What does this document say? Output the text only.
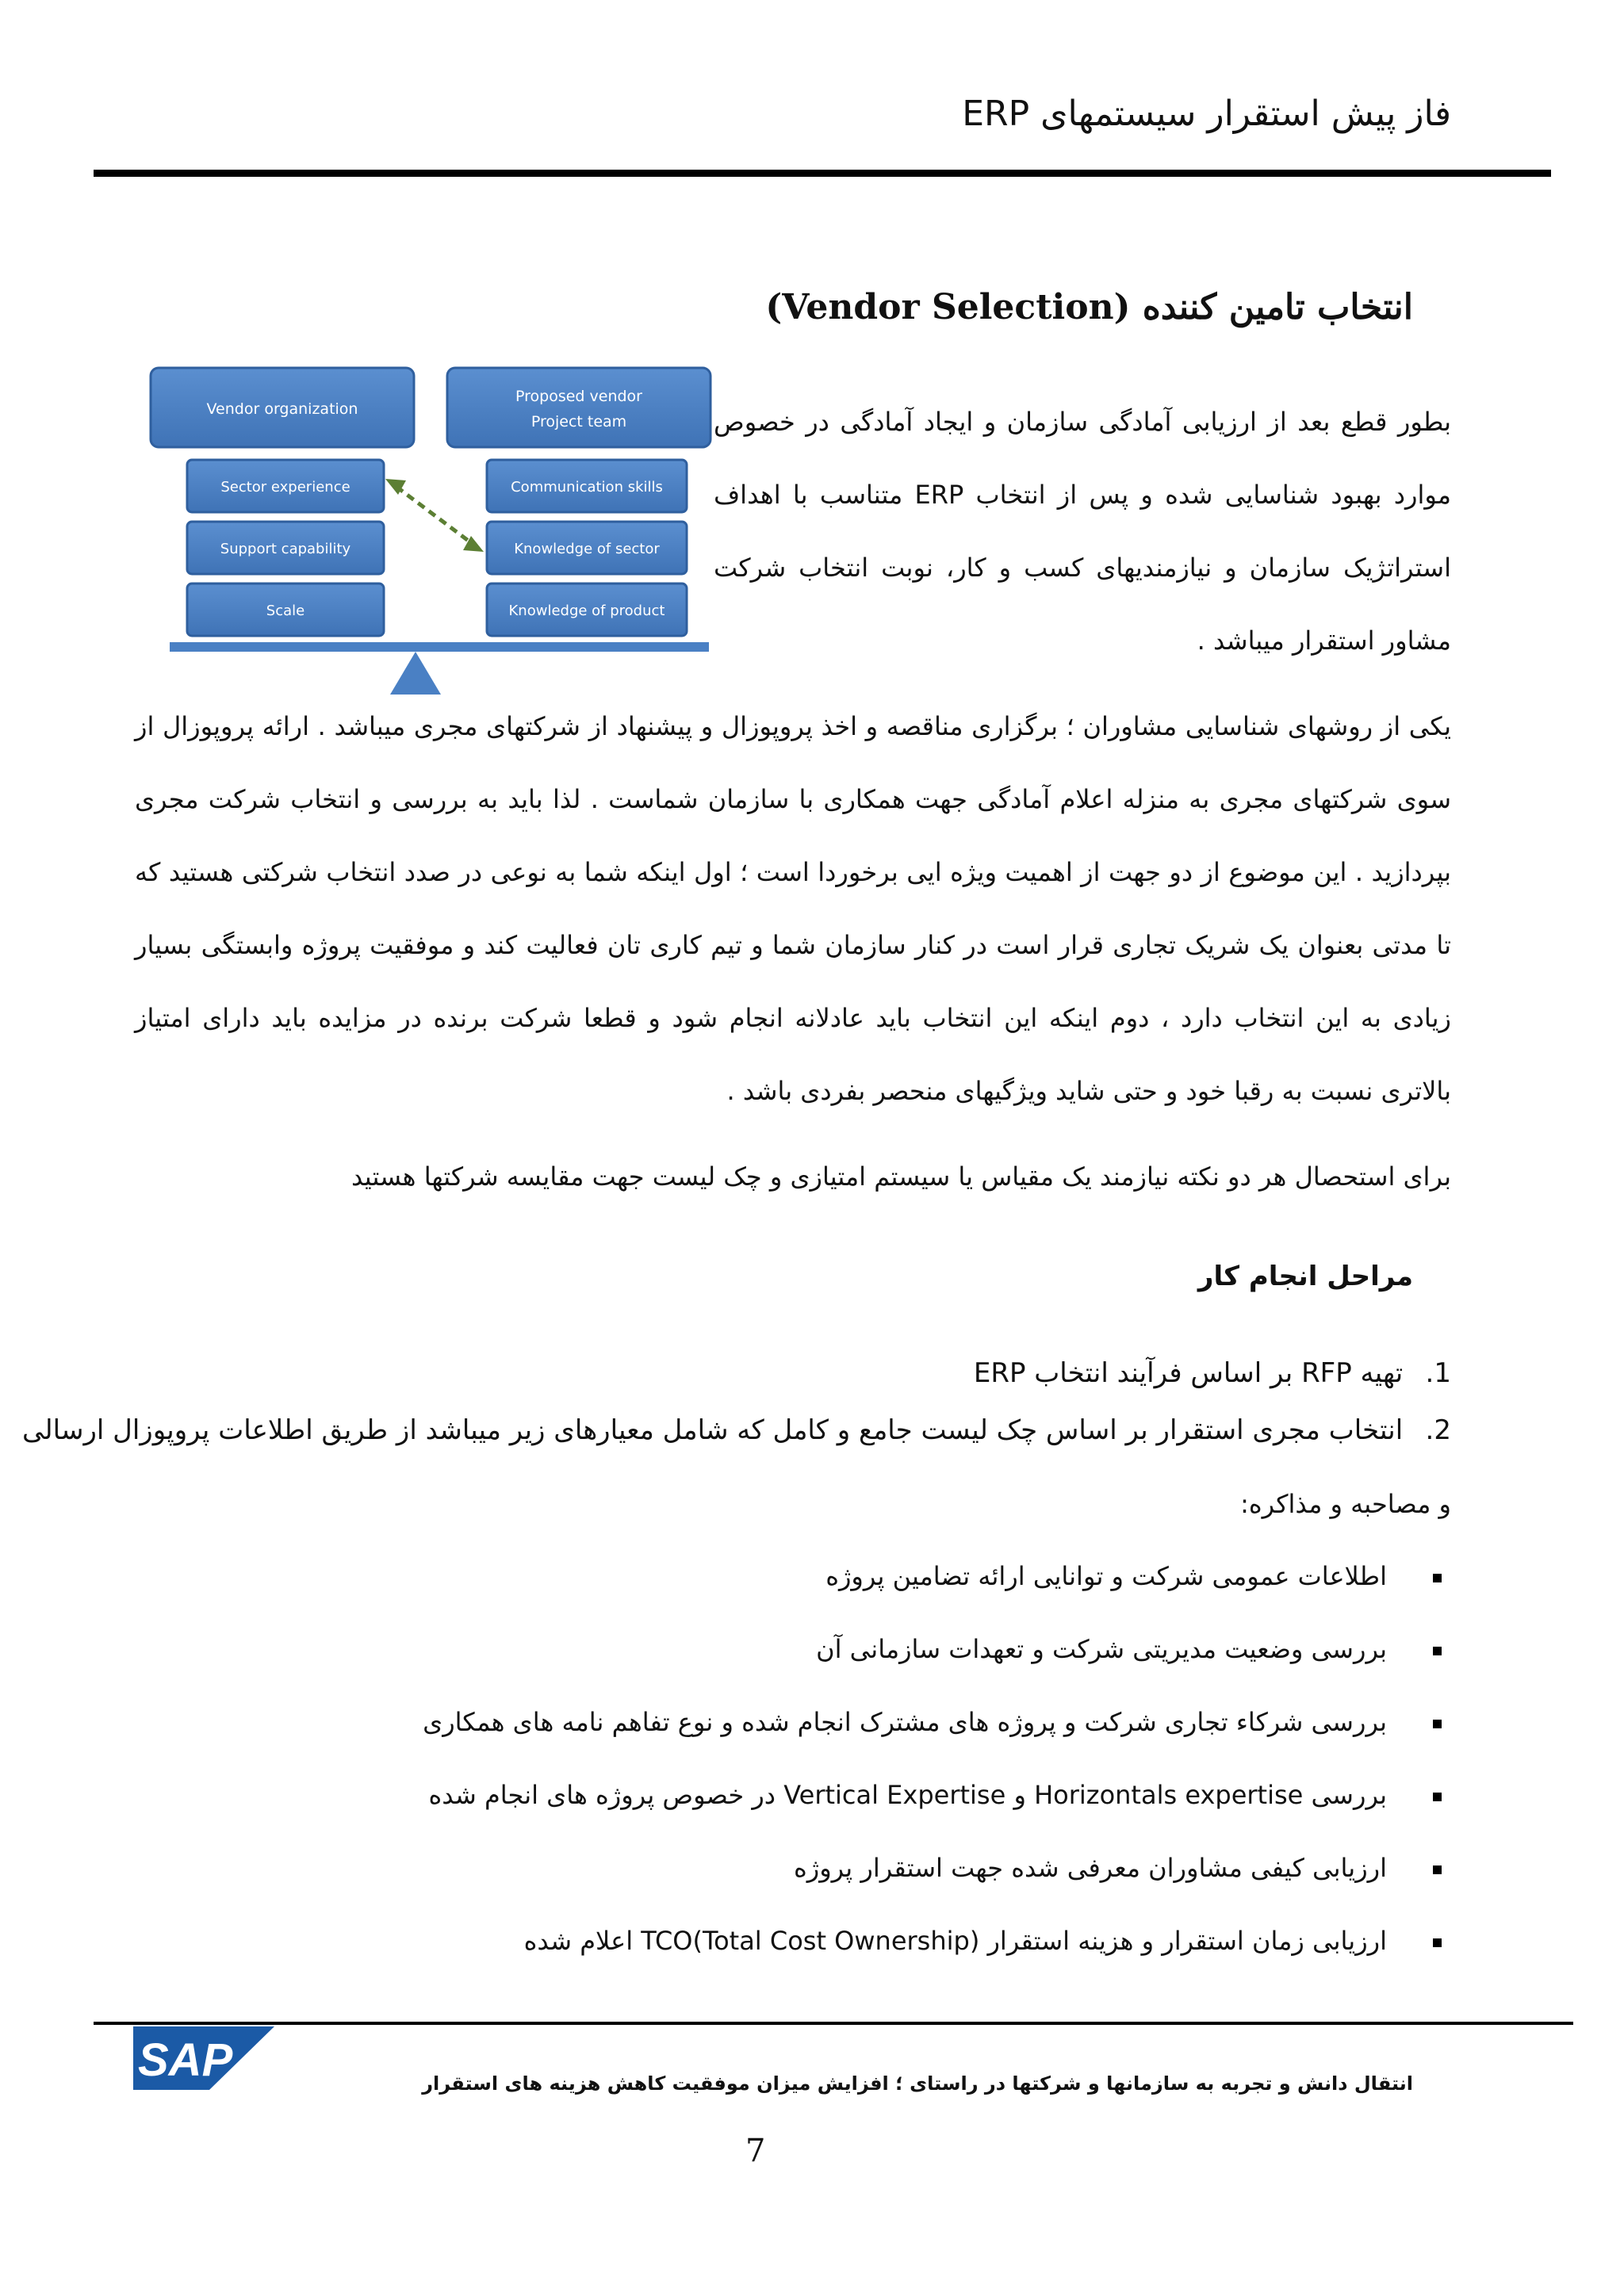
فاز پیش استقرار سیستمهای ERP
انتخاب تامین کننده (Vendor Selection)
Vendor organization
Proposed vendor
Project team
Sector experience
Support capability
Scale
Communication skills
Knowledge of sector
Knowledge of product

بطور قطع بعد از ارزیابی آمادگی سازمان و ایجاد آمادگی در خصوص موارد بهبود شناسایی شده و پس از انتخاب ERP متناسب با اهداف استراتژیک سازمان و نیازمندیهای کسب و کار، نوبت انتخاب شرکت مشاور استقرار میباشد .

یکی از روشهای شناسایی مشاوران ؛ برگزاری مناقصه و اخذ پروپوزال و پیشنهاد از شرکتهای مجری میباشد . ارائه پروپوزال از سوی شرکتهای مجری به منزله اعلام آمادگی جهت همکاری با سازمان شماست . لذا باید به بررسی و انتخاب شرکت مجری بپردازید . این موضوع از دو جهت از اهمیت ویژه ایی برخوردا است ؛ اول اینکه شما به نوعی در صدد انتخاب شرکتی هستید که تا مدتی بعنوان یک شریک تجاری قرار است در کنار سازمان شما و تیم کاری تان فعالیت کند و موفقیت پروژه وابستگی بسیار زیادی به این انتخاب دارد ، دوم اینکه این انتخاب باید عادلانه انجام شود و قطعا شرکت برنده در مزایده باید دارای امتیاز بالاتری نسبت به رقبا خود و حتی شاید ویژگیهای منحصر بفردی باشد .

برای استحصال هر دو نکته نیازمند یک مقیاس یا سیستم امتیازی و چک لیست جهت مقایسه شرکتها هستید

مراحل انجام کار
1. تهیه RFP بر اساس فرآیند انتخاب ERP
2. انتخاب مجری استقرار بر اساس چک لیست جامع و کامل که شامل معیارهای زیر میباشد از طریق اطلاعات پروپوزال ارسالی
و مصاحبه و مذاکره:
اطلاعات عمومی شرکت و توانایی ارائه تضامین پروژه
بررسی وضعیت مدیریتی شرکت و تعهدات سازمانی آن
بررسی شرکاء تجاری شرکت و پروژه های مشترک انجام شده و نوع تفاهم نامه های همکاری
بررسی Horizontals expertise و Vertical Expertise در خصوص پروژه های انجام شده
ارزیابی کیفی مشاوران معرفی شده جهت استقرار پروژه
ارزیابی زمان استقرار و هزینه استقرار TCO(Total Cost Ownership) اعلام شده
SAP	انتقال دانش و تجربه به سازمانها و شرکتها در راستای ؛ افزایش میزان موفقیت کاهش هزینه های استقرار
7
